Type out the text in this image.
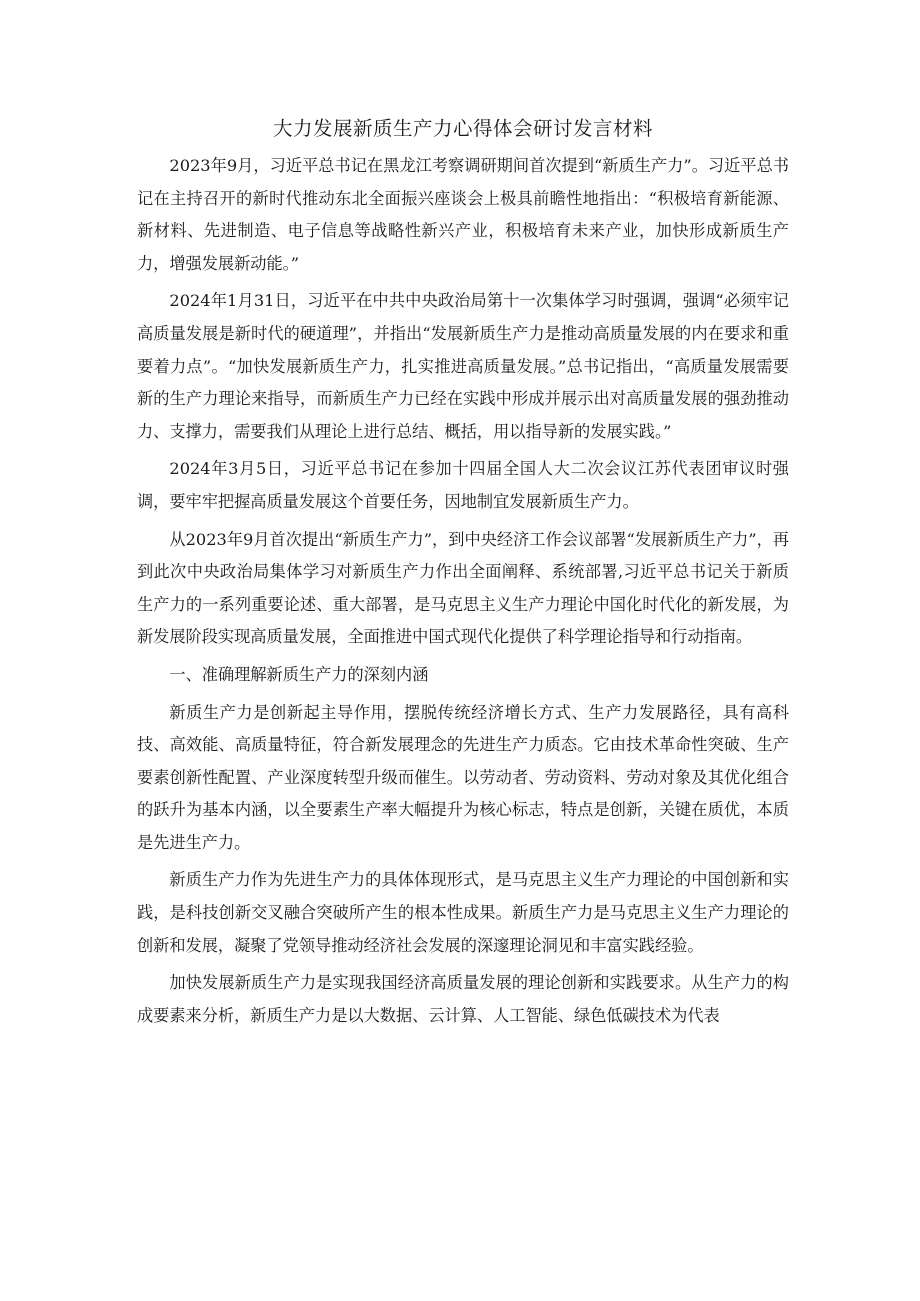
大力发展新质生产力心得体会研讨发言材料

2023年9月，习近平总书记在黑龙江考察调研期间首次提到“新质生产力”。习近平总书记在主持召开的新时代推动东北全面振兴座谈会上极具前瞻性地指出：“积极培育新能源、新材料、先进制造、电子信息等战略性新兴产业，积极培育未来产业，加快形成新质生产力，增强发展新动能。”

2024年1月31日，习近平在中共中央政治局第十一次集体学习时强调，强调“必须牢记高质量发展是新时代的硬道理”，并指出“发展新质生产力是推动高质量发展的内在要求和重要着力点”。“加快发展新质生产力，扎实推进高质量发展。”总书记指出，“高质量发展需要新的生产力理论来指导，而新质生产力已经在实践中形成并展示出对高质量发展的强劲推动力、支撑力，需要我们从理论上进行总结、概括，用以指导新的发展实践。”

2024年3月5日，习近平总书记在参加十四届全国人大二次会议江苏代表团审议时强调，要牢牢把握高质量发展这个首要任务，因地制宜发展新质生产力。

从2023年9月首次提出“新质生产力”，到中央经济工作会议部署“发展新质生产力”，再到此次中央政治局集体学习对新质生产力作出全面阐释、系统部署,习近平总书记关于新质生产力的一系列重要论述、重大部署，是马克思主义生产力理论中国化时代化的新发展，为新发展阶段实现高质量发展，全面推进中国式现代化提供了科学理论指导和行动指南。

一、准确理解新质生产力的深刻内涵

新质生产力是创新起主导作用，摆脱传统经济增长方式、生产力发展路径，具有高科技、高效能、高质量特征，符合新发展理念的先进生产力质态。它由技术革命性突破、生产要素创新性配置、产业深度转型升级而催生。以劳动者、劳动资料、劳动对象及其优化组合的跃升为基本内涵，以全要素生产率大幅提升为核心标志，特点是创新，关键在质优，本质是先进生产力。

新质生产力作为先进生产力的具体体现形式，是马克思主义生产力理论的中国创新和实践，是科技创新交叉融合突破所产生的根本性成果。新质生产力是马克思主义生产力理论的创新和发展，凝聚了党领导推动经济社会发展的深邃理论洞见和丰富实践经验。

加快发展新质生产力是实现我国经济高质量发展的理论创新和实践要求。从生产力的构成要素来分析，新质生产力是以大数据、云计算、人工智能、绿色低碳技术为代表
